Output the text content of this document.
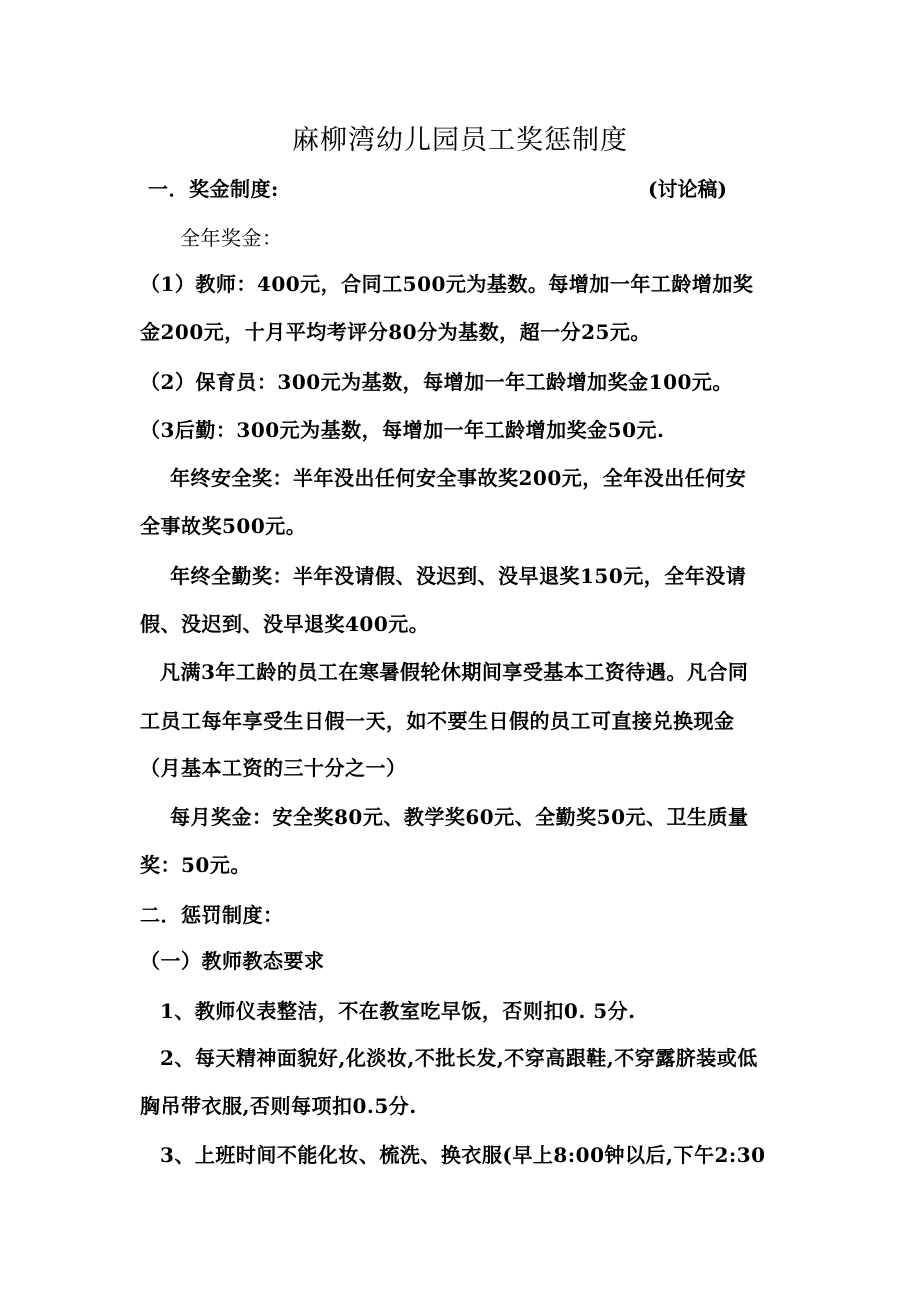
麻柳湾幼儿园员工奖惩制度
一．奖金制度:	(讨论稿)
全年奖金：
（1）教师：400元，合同工500元为基数。每增加一年工龄增加奖
金200元，十月平均考评分80分为基数，超一分25元。
（2）保育员：300元为基数，每增加一年工龄增加奖金100元。
（3后勤：300元为基数，每增加一年工龄增加奖金50元.
年终安全奖：半年没出任何安全事故奖200元，全年没出任何安
全事故奖500元。
年终全勤奖：半年没请假、没迟到、没早退奖150元，全年没请
假、没迟到、没早退奖400元。
凡满3年工龄的员工在寒暑假轮休期间享受基本工资待遇。凡合同
工员工每年享受生日假一天，如不要生日假的员工可直接兑换现金
（月基本工资的三十分之一）
每月奖金：安全奖80元、教学奖60元、全勤奖50元、卫生质量
奖：50元。
二．惩罚制度：
（一）教师教态要求
1、教师仪表整洁，不在教室吃早饭，否则扣0. 5分.
2、每天精神面貌好,化淡妆,不批长发,不穿高跟鞋,不穿露脐装或低
胸吊带衣服,否则每项扣0.5分.
3、上班时间不能化妆、梳洗、换衣服(早上8:00钟以后,下午2:30
